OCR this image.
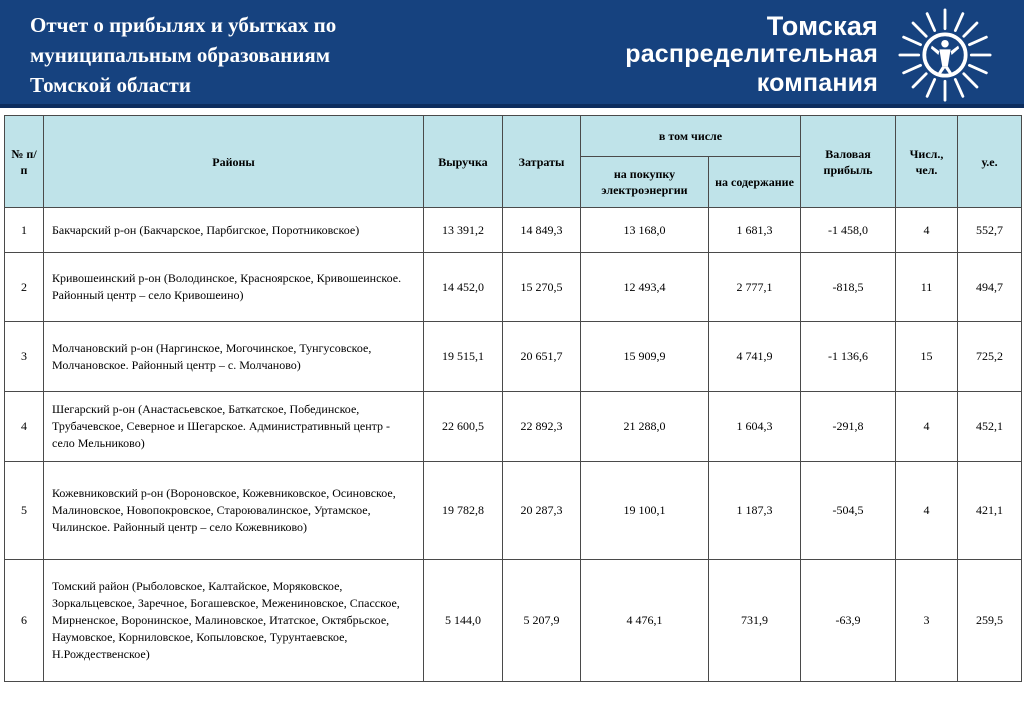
Отчет о прибылях и убытках по
муниципальным образованиям
Томской области
Томская
распределительная
компания
№ п/п	Районы	Выручка	Затраты	в том числе		Валовая прибыль	Числ., чел.	у.е.
				на покупку электроэнергии	на содержание			
1	Бакчарский р-он (Бакчарское, Парбигское, Поротниковское)	13 391,2	14 849,3	13 168,0	1 681,3	-1 458,0	4	552,7
2	Кривошеинский р-он (Володинское, Красноярское, Кривошеинское. Районный центр – село Кривошеино)	14 452,0	15 270,5	12 493,4	2 777,1	-818,5	11	494,7
3	Молчановский р-он (Наргинское, Могочинское, Тунгусовское, Молчановское. Районный центр – с. Молчаново)	19 515,1	20 651,7	15 909,9	4 741,9	-1 136,6	15	725,2
4	Шегарский р-он (Анастасьевское, Баткатское, Побединское, Трубачевское, Северное и Шегарское. Административный центр - село Мельниково)	22 600,5	22 892,3	21 288,0	1 604,3	-291,8	4	452,1
5	Кожевниковский р-он (Вороновское, Кожевниковское, Осиновское, Малиновское, Новопокровское, Староювалинское, Уртамское, Чилинское. Районный центр – село Кожевниково)	19 782,8	20 287,3	19 100,1	1 187,3	-504,5	4	421,1
6	Томский район (Рыболовское, Калтайское, Моряковское, Зоркальцевское, Заречное, Богашевское, Межениновское, Спасское, Мирненское, Воронинское, Малиновское, Итатское, Октябрьское, Наумовское, Корниловское, Копыловское, Турунтаевское, Н.Рождественское)	5 144,0	5 207,9	4 476,1	731,9	-63,9	3	259,5
